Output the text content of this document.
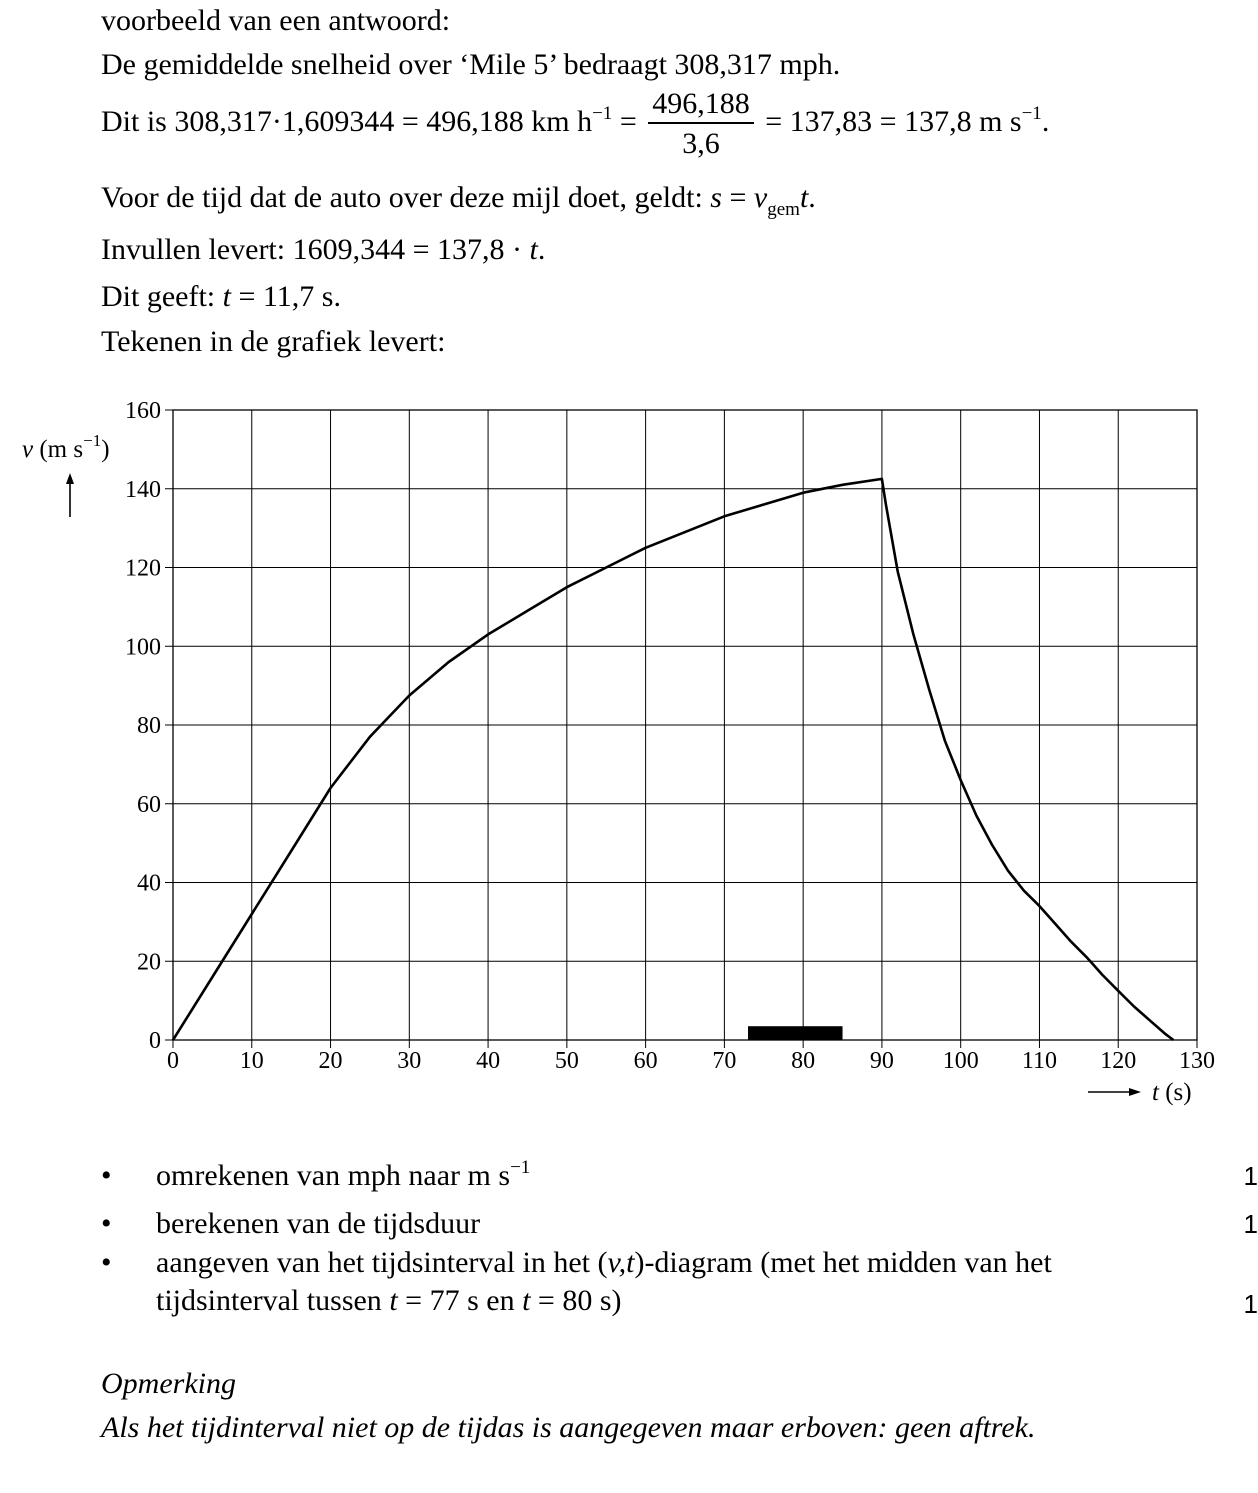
voorbeeld van een antwoord:
De gemiddelde snelheid over ‘Mile 5’ bedraagt 308,317 mph.
Dit is 308,317·1,609344 = 496,188 km $h^{-1} = \frac{496,188}{3,6} = 137,83 = 137,8$ m $s^{-1}$.
Voor de tijd dat de auto over deze mijl doet, geldt: $s = v_{gem}t$.
Invullen levert: 1609,344 = 137,8 · t.
Dit geeft: t = 11,7 s.
Tekenen in de grafiek levert:
0	10 20 30 40 50 60 70 80 90 100 110 120 130
0
20
40
60
80
100
120
140
160
v (m $s^{-1}$)
t (s)
• omrekenen van mph naar m $s^{-1}$	1
• berekenen van de tijdsduur	1
• aangeven van het tijdsinterval in het (v,t)-diagram (met het midden van het tijdsinterval tussen t = 77 s en t = 80 s)	1
Opmerking
Als het tijdinterval niet op de tijdas is aangegeven maar erboven: geen aftrek.
